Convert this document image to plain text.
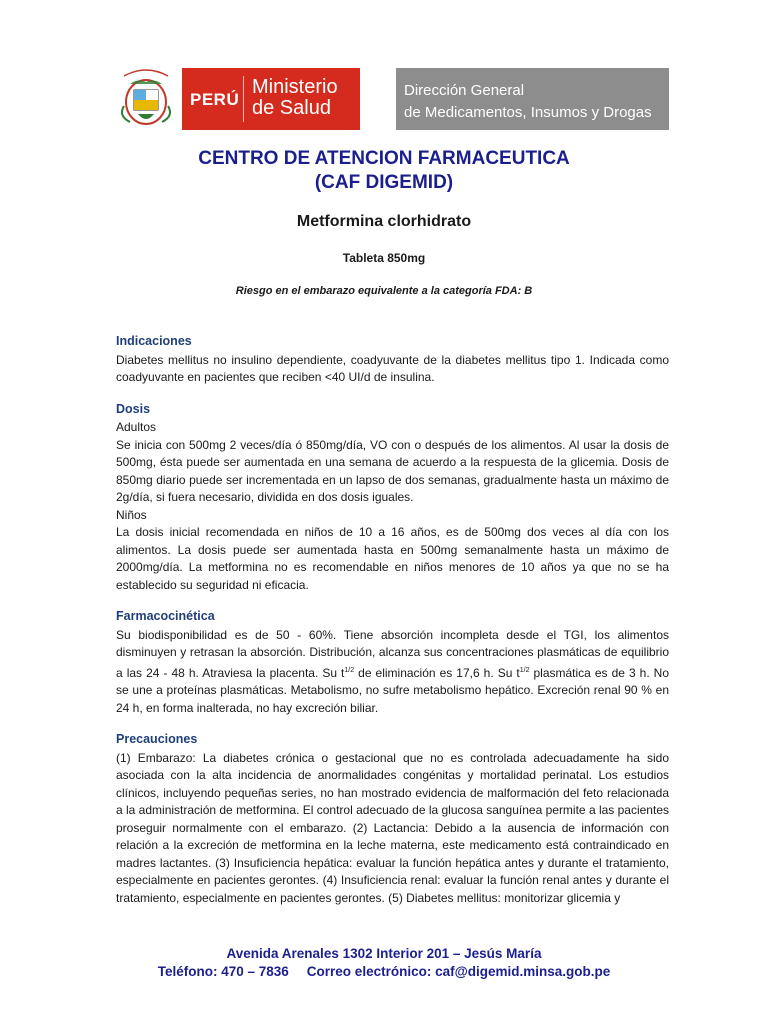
PERÚ
Ministerio
de Salud
Dirección General
de Medicamentos, Insumos y Drogas
CENTRO DE ATENCION FARMACEUTICA
(CAF DIGEMID)
Metformina clorhidrato
Tableta 850mg
Riesgo en el embarazo equivalente a la categoría FDA: B
Indicaciones

Diabetes mellitus no insulino dependiente, coadyuvante de la diabetes mellitus tipo 1. Indicada como coadyuvante en pacientes que reciben <40 UI/d de insulina.

Dosis

Adultos

Se inicia con 500mg 2 veces/día ó 850mg/día, VO con o después de los alimentos. Al usar la dosis de 500mg, ésta puede ser aumentada en una semana de acuerdo a la respuesta de la glicemia. Dosis de 850mg diario puede ser incrementada en un lapso de dos semanas, gradualmente hasta un máximo de 2g/día, si fuera necesario, dividida en dos dosis iguales.

Niños

La dosis inicial recomendada en niños de 10 a 16 años, es de 500mg dos veces al día con los alimentos. La dosis puede ser aumentada hasta en 500mg semanalmente hasta un máximo de 2000mg/día. La metformina no es recomendable en niños menores de 10 años ya que no se ha establecido su seguridad ni eficacia.

Farmacocinética

Su biodisponibilidad es de 50 - 60%. Tiene absorción incompleta desde el TGI, los alimentos disminuyen y retrasan la absorción. Distribución, alcanza sus concentraciones plasmáticas de equilibrio a las 24 - 48 h. Atraviesa la placenta. Su $t^{1/2}$ de eliminación es 17,6 h. Su $t^{1/2}$ plasmática es de 3 h. No se une a proteínas plasmáticas. Metabolismo, no sufre metabolismo hepático. Excreción renal 90 % en 24 h, en forma inalterada, no hay excreción biliar.

Precauciones

(1) Embarazo: La diabetes crónica o gestacional que no es controlada adecuadamente ha sido asociada con la alta incidencia de anormalidades congénitas y mortalidad perinatal. Los estudios clínicos, incluyendo pequeñas series, no han mostrado evidencia de malformación del feto relacionada a la administración de metformina. El control adecuado de la glucosa sanguínea permite a las pacientes proseguir normalmente con el embarazo. (2) Lactancia: Debido a la ausencia de información con relación a la excreción de metformina en la leche materna, este medicamento está contraindicado en madres lactantes. (3) Insuficiencia hepática: evaluar la función hepática antes y durante el tratamiento, especialmente en pacientes gerontes. (4) Insuficiencia renal: evaluar la función renal antes y durante el tratamiento, especialmente en pacientes gerontes. (5) Diabetes mellitus: monitorizar glicemia y

Avenida Arenales 1302 Interior 201 – Jesús María
Teléfono: 470 – 7836 Correo electrónico: caf@digemid.minsa.gob.pe
